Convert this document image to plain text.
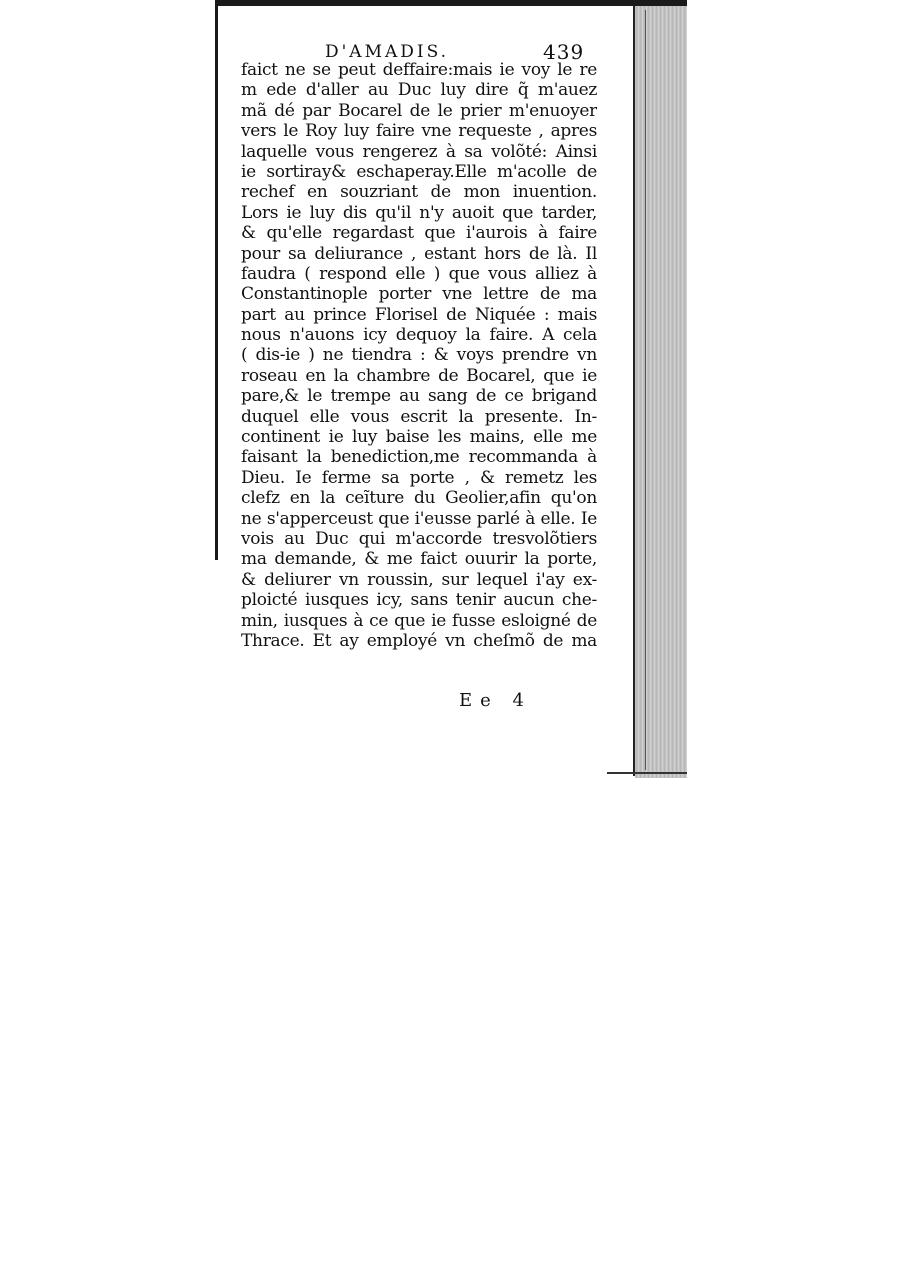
D'AMADIS.	439
faict ne se peut deffaire:mais ie voy le re
m ede d'aller au Duc luy dire q̃ m'auez
mã dé par Bocarel de le prier m'enuoyer
vers le Roy luy faire vne requeste , apres
laquelle vous rengerez à sa volõté: Ainsi
ie sortiray& eschaperay.Elle m'acolle de
rechef en souzriant de mon inuention.
Lors ie luy dis qu'il n'y auoit que tarder,
& qu'elle regardast que i'aurois à faire
pour sa deliurance , estant hors de là. Il
faudra ( respond elle ) que vous alliez à
Constantinople porter vne lettre de ma
part au prince Florisel de Niquée : mais
nous n'auons icy dequoy la faire. A cela
( dis-ie ) ne tiendra : & voys prendre vn
roseau en la chambre de Bocarel, que ie
pare,& le trempe au sang de ce brigand
duquel elle vous escrit la presente. In-
continent ie luy baise les mains, elle me
faisant la benediction,me recommanda à
Dieu. Ie ferme sa porte , & remetz les
clefz en la ceĩture du Geolier,afin qu'on
ne s'apperceust que i'eusse parlé à elle. Ie
vois au Duc qui m'accorde tresvolõtiers
ma demande, & me faict ouurir la porte,
& deliurer vn roussin, sur lequel i'ay ex-
ploicté iusques icy, sans tenir aucun che-
min, iusques à ce que ie fusse esloigné de
Thrace. Et ay employé vn cheſmõ de ma
Ee 4
